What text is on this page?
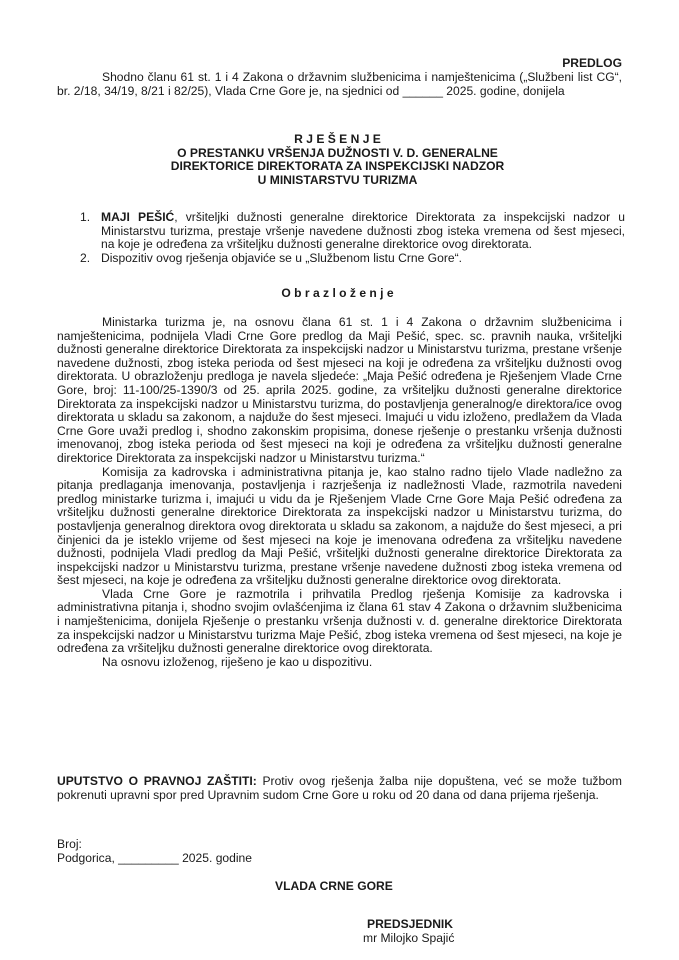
PREDLOG
Shodno članu 61 st. 1 i 4 Zakona o državnim službenicima i namještenicima („Službeni list CG“, br. 2/18, 34/19, 8/21 i 82/25), Vlada Crne Gore je, na sjednici od ______ 2025. godine, donijela
R J E Š E N J E
O PRESTANKU VRŠENJA DUŽNOSTI V. D. GENERALNE
DIREKTORICE DIREKTORATA ZA INSPEKCIJSKI NADZOR
U MINISTARSTVU TURIZMA
1. MAJI PEŠIĆ, vršiteljki dužnosti generalne direktorice Direktorata za inspekcijski nadzor u Ministarstvu turizma, prestaje vršenje navedene dužnosti zbog isteka vremena od šest mjeseci, na koje je određena za vršiteljku dužnosti generalne direktorice ovog direktorata.
2. Dispozitiv ovog rješenja objaviće se u „Službenom listu Crne Gore“.
O b r a z l o ž e n j e
Ministarka turizma je, na osnovu člana 61 st. 1 i 4 Zakona o državnim službenicima i namještenicima, podnijela Vladi Crne Gore predlog da Maji Pešić, spec. sc. pravnih nauka, vršiteljki dužnosti generalne direktorice Direktorata za inspekcijski nadzor u Ministarstvu turizma, prestane vršenje navedene dužnosti, zbog isteka perioda od šest mjeseci na koji je određena za vršiteljku dužnosti ovog direktorata. U obrazloženju predloga je navela sljedeće: „Maja Pešić određena je Rješenjem Vlade Crne Gore, broj: 11-100/25-1390/3 od 25. aprila 2025. godine, za vršiteljku dužnosti generalne direktorice Direktorata za inspekcijski nadzor u Ministarstvu turizma, do postavljenja generalnog/e direktora/ice ovog direktorata u skladu sa zakonom, a najduže do šest mjeseci. Imajući u vidu izloženo, predlažem da Vlada Crne Gore uvaži predlog i, shodno zakonskim propisima, donese rješenje o prestanku vršenja dužnosti imenovanoj, zbog isteka perioda od šest mjeseci na koji je određena za vršiteljku dužnosti generalne direktorice Direktorata za inspekcijski nadzor u Ministarstvu turizma.“
Komisija za kadrovska i administrativna pitanja je, kao stalno radno tijelo Vlade nadležno za pitanja predlaganja imenovanja, postavljenja i razrješenja iz nadležnosti Vlade, razmotrila navedeni predlog ministarke turizma i, imajući u vidu da je Rješenjem Vlade Crne Gore Maja Pešić određena za vršiteljku dužnosti generalne direktorice Direktorata za inspekcijski nadzor u Ministarstvu turizma, do postavljenja generalnog direktora ovog direktorata u skladu sa zakonom, a najduže do šest mjeseci, a pri činjenici da je isteklo vrijeme od šest mjeseci na koje je imenovana određena za vršiteljku navedene dužnosti, podnijela Vladi predlog da Maji Pešić, vršiteljki dužnosti generalne direktorice Direktorata za inspekcijski nadzor u Ministarstvu turizma, prestane vršenje navedene dužnosti zbog isteka vremena od šest mjeseci, na koje je određena za vršiteljku dužnosti generalne direktorice ovog direktorata.
Vlada Crne Gore je razmotrila i prihvatila Predlog rješenja Komisije za kadrovska i administrativna pitanja i, shodno svojim ovlašćenjima iz člana 61 stav 4 Zakona o državnim službenicima i namještenicima, donijela Rješenje o prestanku vršenja dužnosti v. d. generalne direktorice Direktorata za inspekcijski nadzor u Ministarstvu turizma Maje Pešić, zbog isteka vremena od šest mjeseci, na koje je određena za vršiteljku dužnosti generalne direktorice ovog direktorata.
Na osnovu izloženog, riješeno je kao u dispozitivu.
UPUTSTVO O PRAVNOJ ZAŠTITI: Protiv ovog rješenja žalba nije dopuštena, već se može tužbom pokrenuti upravni spor pred Upravnim sudom Crne Gore u roku od 20 dana od dana prijema rješenja.
Broj:
Podgorica, _________ 2025. godine
VLADA CRNE GORE
PREDSJEDNIK
mr Milojko Spajić
